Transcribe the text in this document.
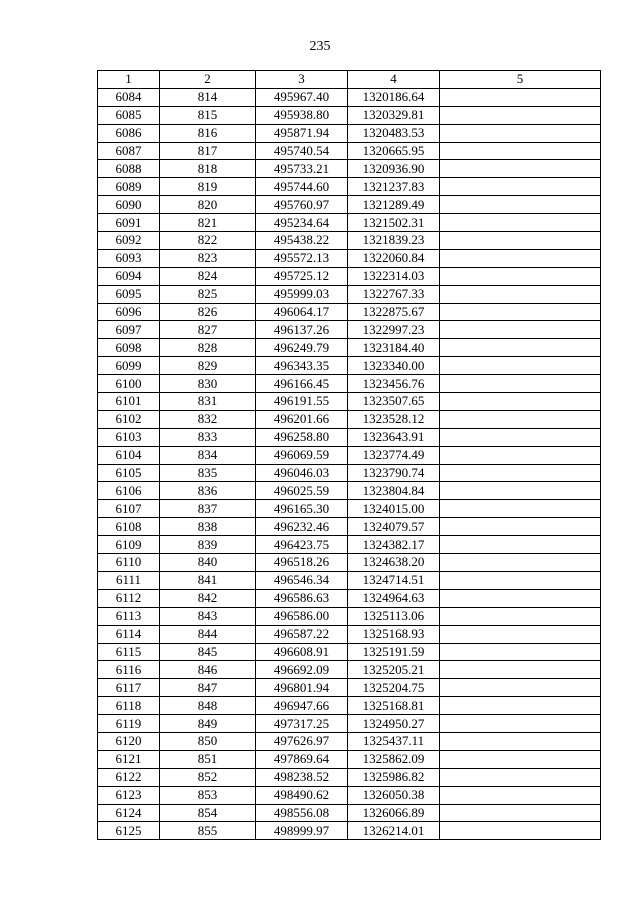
235
1	2	3	4	5
6084	814	495967.40	1320186.64	
6085	815	495938.80	1320329.81	
6086	816	495871.94	1320483.53	
6087	817	495740.54	1320665.95	
6088	818	495733.21	1320936.90	
6089	819	495744.60	1321237.83	
6090	820	495760.97	1321289.49	
6091	821	495234.64	1321502.31	
6092	822	495438.22	1321839.23	
6093	823	495572.13	1322060.84	
6094	824	495725.12	1322314.03	
6095	825	495999.03	1322767.33	
6096	826	496064.17	1322875.67	
6097	827	496137.26	1322997.23	
6098	828	496249.79	1323184.40	
6099	829	496343.35	1323340.00	
6100	830	496166.45	1323456.76	
6101	831	496191.55	1323507.65	
6102	832	496201.66	1323528.12	
6103	833	496258.80	1323643.91	
6104	834	496069.59	1323774.49	
6105	835	496046.03	1323790.74	
6106	836	496025.59	1323804.84	
6107	837	496165.30	1324015.00	
6108	838	496232.46	1324079.57	
6109	839	496423.75	1324382.17	
6110	840	496518.26	1324638.20	
6111	841	496546.34	1324714.51	
6112	842	496586.63	1324964.63	
6113	843	496586.00	1325113.06	
6114	844	496587.22	1325168.93	
6115	845	496608.91	1325191.59	
6116	846	496692.09	1325205.21	
6117	847	496801.94	1325204.75	
6118	848	496947.66	1325168.81	
6119	849	497317.25	1324950.27	
6120	850	497626.97	1325437.11	
6121	851	497869.64	1325862.09	
6122	852	498238.52	1325986.82	
6123	853	498490.62	1326050.38	
6124	854	498556.08	1326066.89	
6125	855	498999.97	1326214.01	
